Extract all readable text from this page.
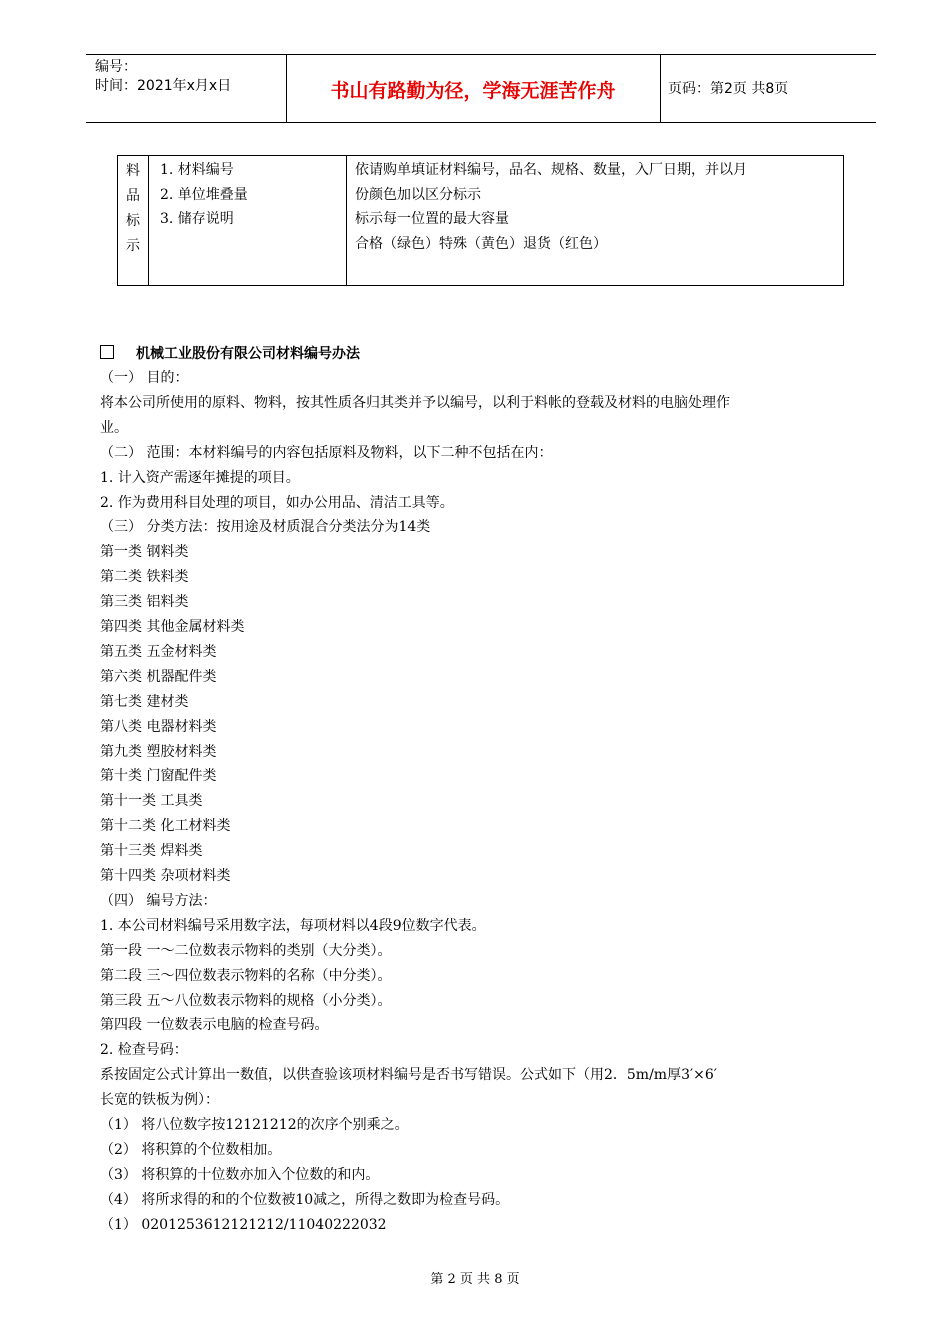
编号：
时间：2021年x月x日	书山有路勤为径，学海无涯苦作舟	页码：第2页 共8页
料
品
标
示
1. 材料编号
2. 单位堆叠量
3. 储存说明
依请购单填证材料编号，品名、规格、数量，入厂日期，并以月
份颜色加以区分标示
标示每一位置的最大容量
合格（绿色）特殊（黄色）退货（红色）
机械工业股份有限公司材料编号办法
（一） 目的：
将本公司所使用的原料、物料，按其性质各归其类并予以编号，以利于料帐的登载及材料的电脑处理作
业。
（二） 范围：本材料编号的内容包括原料及物料，以下二种不包括在内：
1. 计入资产需逐年摊提的项目。
2. 作为费用科目处理的项目，如办公用品、清洁工具等。
（三） 分类方法：按用途及材质混合分类法分为14类
第一类 钢料类
第二类 铁料类
第三类 铝料类
第四类 其他金属材料类
第五类 五金材料类
第六类 机器配件类
第七类 建材类
第八类 电器材料类
第九类 塑胶材料类
第十类 门窗配件类
第十一类 工具类
第十二类 化工材料类
第十三类 焊料类
第十四类 杂项材料类
（四） 编号方法：
1. 本公司材料编号采用数字法，每项材料以4段9位数字代表。
第一段 一～二位数表示物料的类别（大分类）。
第二段 三～四位数表示物料的名称（中分类）。
第三段 五～八位数表示物料的规格（小分类）。
第四段 一位数表示电脑的检查号码。
2. 检查号码：
系按固定公式计算出一数值，以供查验该项材料编号是否书写错误。公式如下（用2．5m/m厚3′×6′
长宽的铁板为例）：
（1） 将八位数字按12121212的次序个别乘之。
（2） 将积算的个位数相加。
（3） 将积算的十位数亦加入个位数的和内。
（4） 将所求得的和的个位数被10减之，所得之数即为检查号码。
（1） 0201253612121212/11040222032
第 2 页 共 8 页
